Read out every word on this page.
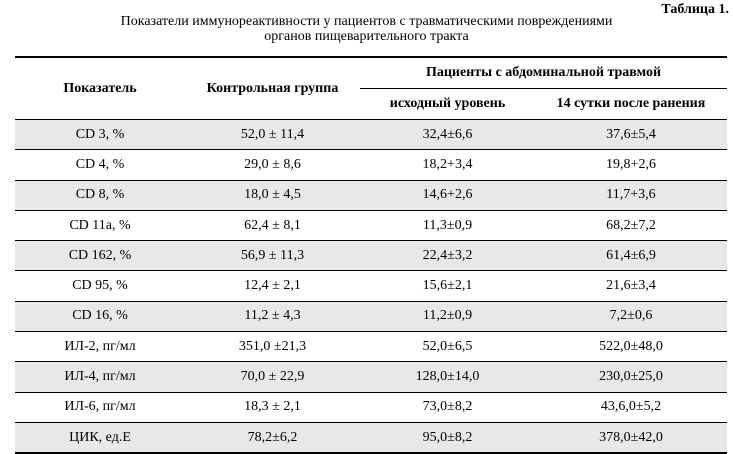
Таблица 1.
Показатели иммунореактивности у пациентов с травматическими повреждениями
органов пищеварительного тракта
Показатель	Контрольная группа	Пациенты с абдоминальной травмой	
		исходный уровень	14 сутки после ранения
CD 3, %	52,0 ± 11,4	32,4±6,6	37,6±5,4
CD 4, %	29,0 ± 8,6	18,2+3,4	19,8+2,6
CD 8, %	18,0 ± 4,5	14,6+2,6	11,7+3,6
CD 11a, %	62,4 ± 8,1	11,3±0,9	68,2±7,2
CD 162, %	56,9 ± 11,3	22,4±3,2	61,4±6,9
CD 95, %	12,4 ± 2,1	15,6±2,1	21,6±3,4
CD 16, %	11,2 ± 4,3	11,2±0,9	7,2±0,6
ИЛ-2, пг/мл	351,0 ±21,3	52,0±6,5	522,0±48,0
ИЛ-4, пг/мл	70,0 ± 22,9	128,0±14,0	230,0±25,0
ИЛ-6, пг/мл	18,3 ± 2,1	73,0±8,2	43,6,0±5,2
ЦИК, ед.Е	78,2±6,2	95,0±8,2	378,0±42,0
